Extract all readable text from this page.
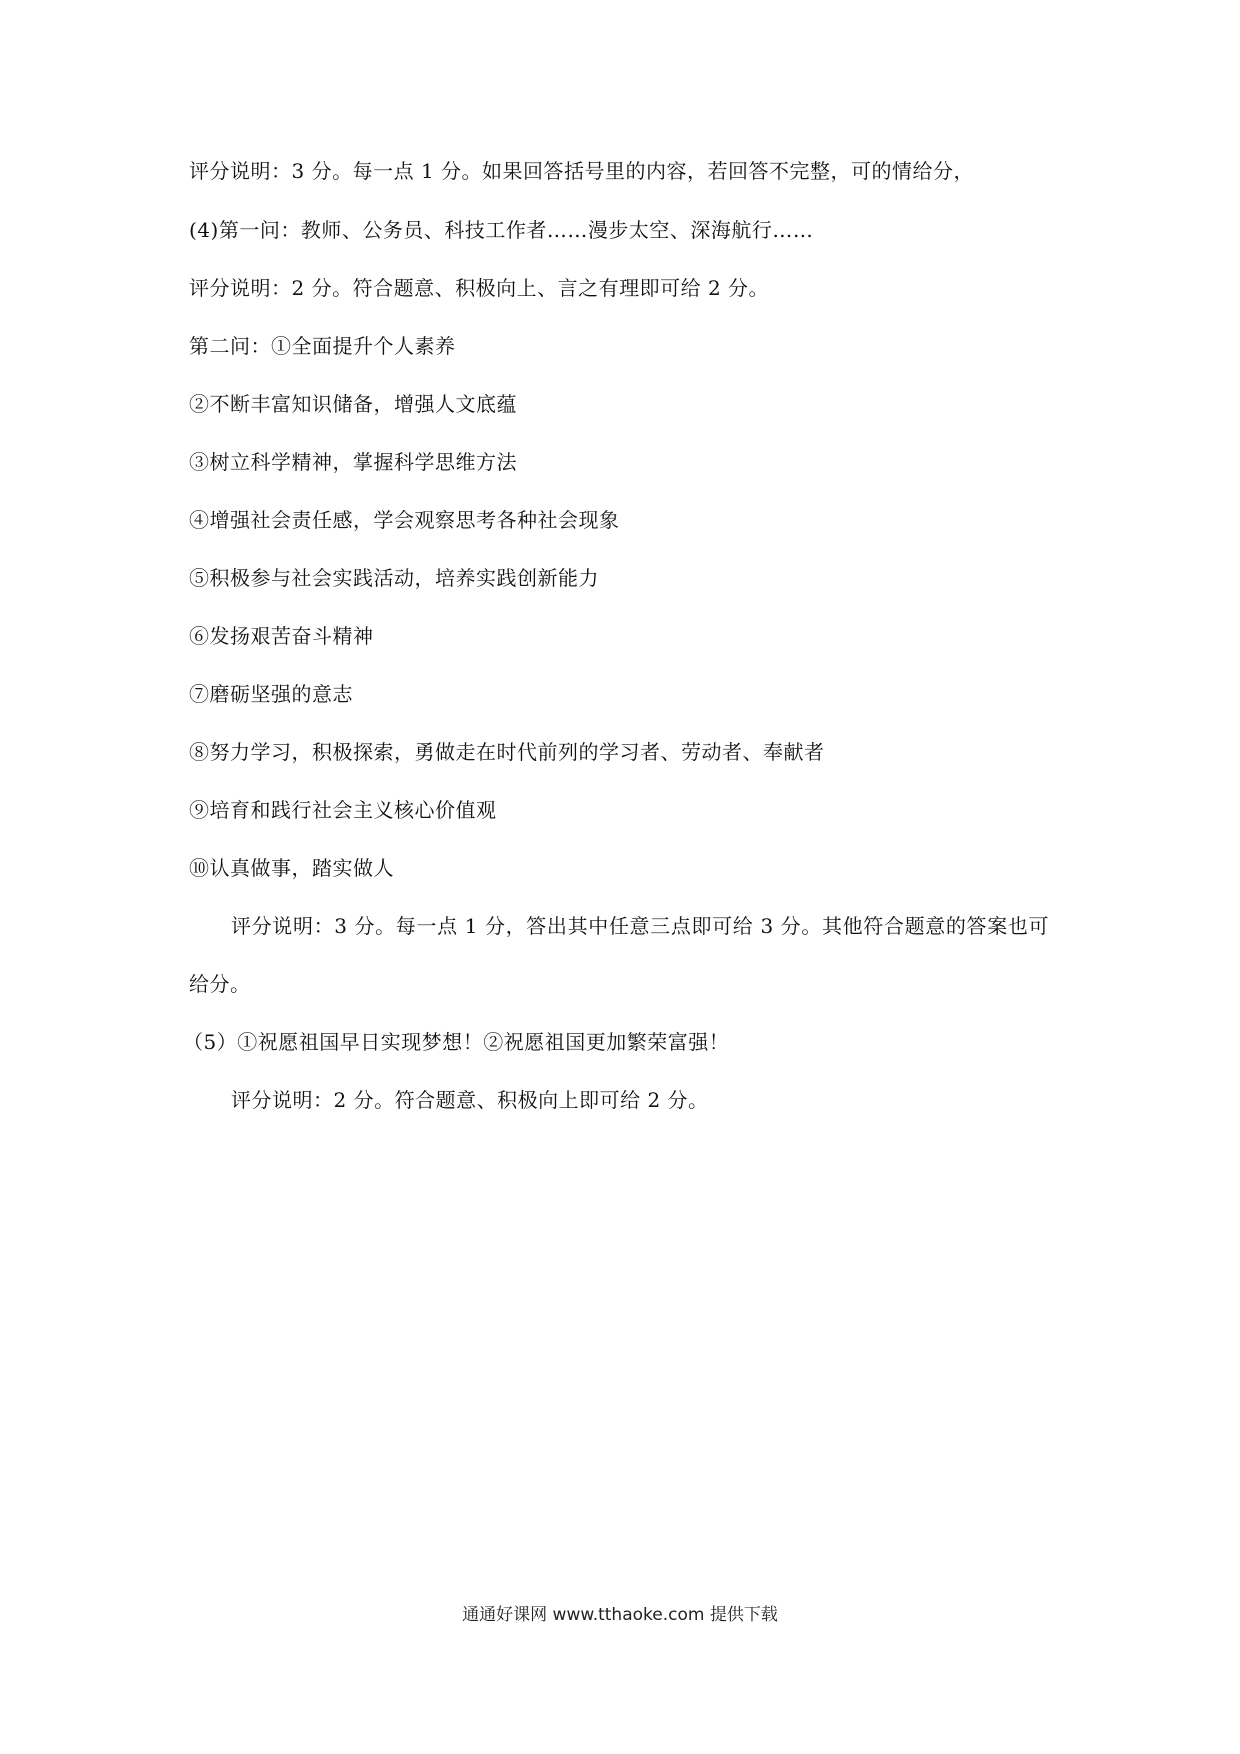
评分说明：3 分。每一点 1 分。如果回答括号里的内容，若回答不完整，可的情给分，
(4)第一问：教师、公务员、科技工作者……漫步太空、深海航行……
评分说明：2 分。符合题意、积极向上、言之有理即可给 2 分。
第二问：①全面提升个人素养
②不断丰富知识储备，增强人文底蕴
③树立科学精神，掌握科学思维方法
④增强社会责任感，学会观察思考各种社会现象
⑤积极参与社会实践活动，培养实践创新能力
⑥发扬艰苦奋斗精神
⑦磨砺坚强的意志
⑧努力学习，积极探索，勇做走在时代前列的学习者、劳动者、奉献者
⑨培育和践行社会主义核心价值观
⑩认真做事，踏实做人
评分说明：3 分。每一点 1 分，答出其中任意三点即可给 3 分。其他符合题意的答案也可给分。
（5）①祝愿祖国早日实现梦想！②祝愿祖国更加繁荣富强！
评分说明：2 分。符合题意、积极向上即可给 2 分。
通通好课网 www.tthaoke.com 提供下载
